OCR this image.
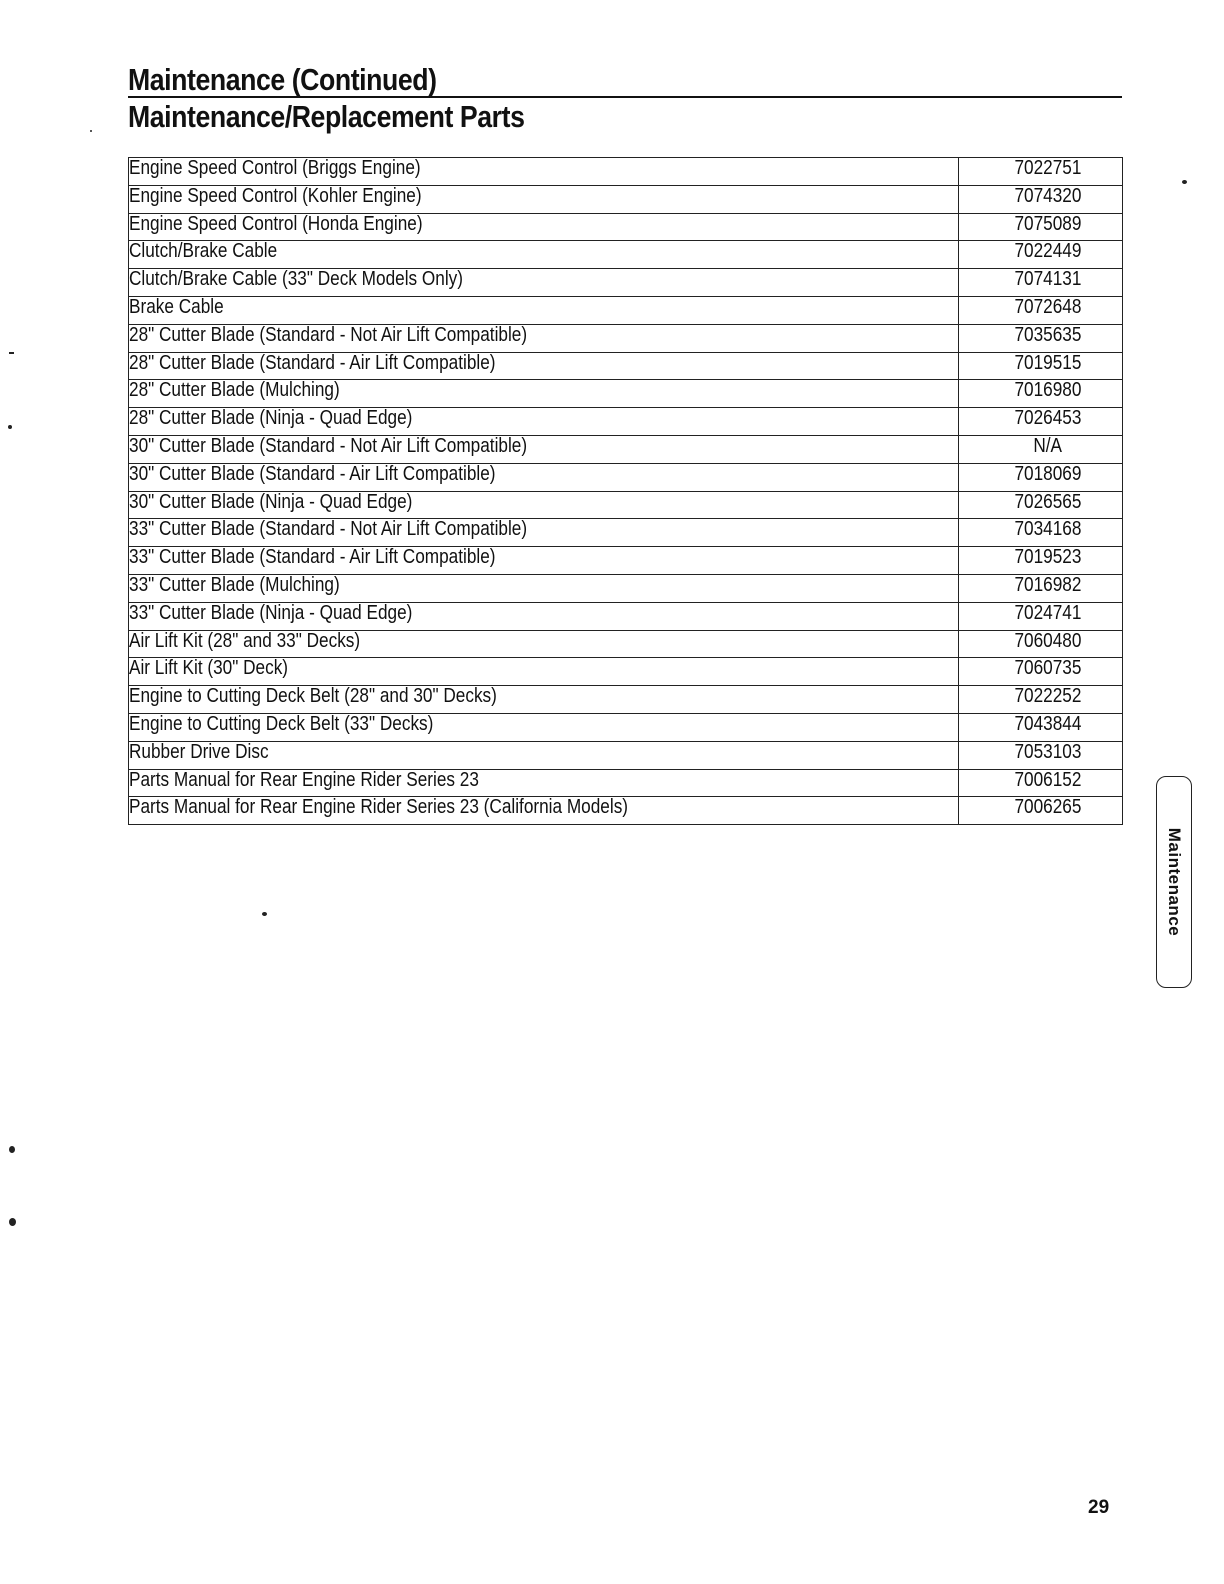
Maintenance (Continued)
Maintenance/Replacement Parts
Engine Speed Control (Briggs Engine)	7022751
Engine Speed Control (Kohler Engine)	7074320
Engine Speed Control (Honda Engine)	7075089
Clutch/Brake Cable	7022449
Clutch/Brake Cable (33" Deck Models Only)	7074131
Brake Cable	7072648
28" Cutter Blade (Standard - Not Air Lift Compatible)	7035635
28" Cutter Blade (Standard - Air Lift Compatible)	7019515
28" Cutter Blade (Mulching)	7016980
28" Cutter Blade (Ninja - Quad Edge)	7026453
30" Cutter Blade (Standard - Not Air Lift Compatible)	N/A
30" Cutter Blade (Standard - Air Lift Compatible)	7018069
30" Cutter Blade (Ninja - Quad Edge)	7026565
33" Cutter Blade (Standard - Not Air Lift Compatible)	7034168
33" Cutter Blade (Standard - Air Lift Compatible)	7019523
33" Cutter Blade (Mulching)	7016982
33" Cutter Blade (Ninja - Quad Edge)	7024741
Air Lift Kit (28" and 33" Decks)	7060480
Air Lift Kit (30" Deck)	7060735
Engine to Cutting Deck Belt (28" and 30" Decks)	7022252
Engine to Cutting Deck Belt (33" Decks)	7043844
Rubber Drive Disc	7053103
Parts Manual for Rear Engine Rider Series 23	7006152
Parts Manual for Rear Engine Rider Series 23 (California Models)	7006265
Maintenance
29
